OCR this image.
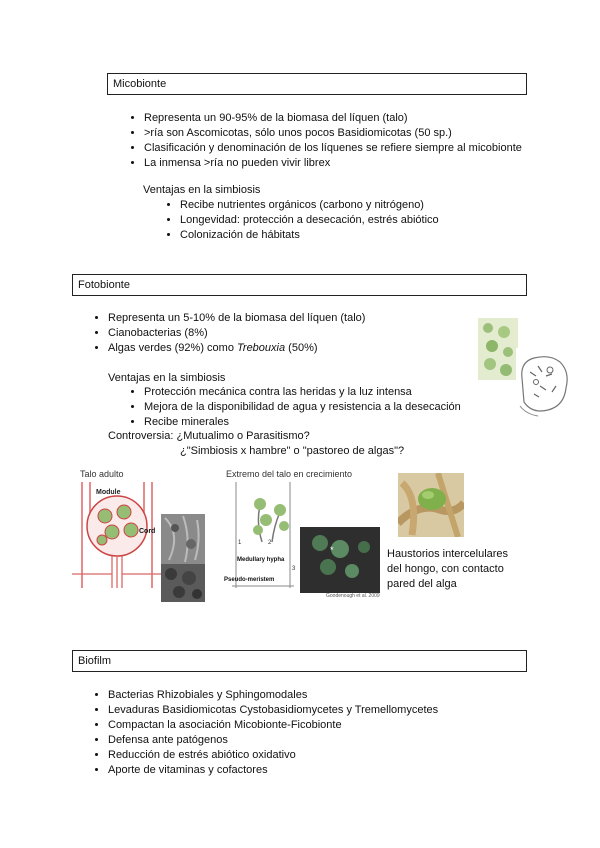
Micobionte
• Representa un 90-95% de la biomasa del líquen (talo)
• >ría son Ascomicotas, sólo unos pocos Basidiomicotas (50 sp.)
• Clasificación y denominación de los líquenes se refiere siempre al micobionte
• La inmensa >ría no pueden vivir librex
Ventajas en la simbiosis
• Recibe nutrientes orgánicos (carbono y nitrógeno)
• Longevidad: protección a desecación, estrés abiótico
• Colonización de hábitats
Fotobionte
• Representa un 5-10% de la biomasa del líquen (talo)
• Cianobacterias (8%)
• Algas verdes (92%) como Trebouxia (50%)
Ventajas en la simbiosis
• Protección mecánica contra las heridas y la luz intensa
• Mejora de la disponibilidad de agua y resistencia a la desecación
• Recibe minerales
Controversia: ¿Mutualimo o Parasitismo?
¿"Simbiosis x hambre" o "pastoreo de algas"?
Talo adulto
Module
Cord
Extremo del talo en crecimiento
1	2
3
Medullary hypha
Pseudo-meristem
*
Goodenough et al. 2009
Haustorios intercelulares
del hongo, con contacto
pared del alga
Biofilm
• Bacterias Rhizobiales y Sphingomodales
• Levaduras Basidiomicotas Cystobasidiomycetes y Tremellomycetes
• Compactan la asociación Micobionte-Ficobionte
• Defensa ante patógenos
• Reducción de estrés abiótico oxidativo
• Aporte de vitaminas y cofactores
